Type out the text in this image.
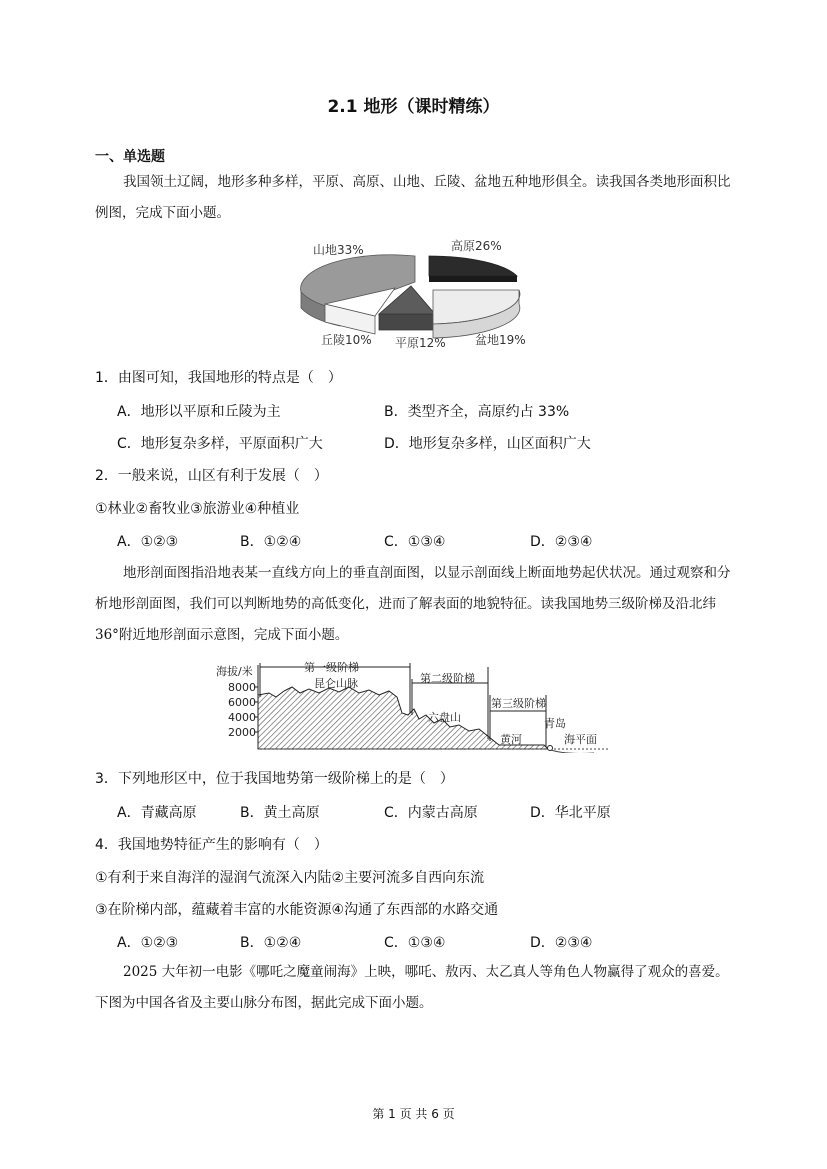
2.1 地形（课时精练）
一、单选题
我国领土辽阔，地形多种多样，平原、高原、山地、丘陵、盆地五种地形俱全。读我国各类地形面积比例图，完成下面小题。
山地33%	高原26%
丘陵10% 平原12% 盆地19%
1．由图可知，我国地形的特点是（　）
A．地形以平原和丘陵为主	B．类型齐全，高原约占 33%
C．地形复杂多样，平原面积广大	D．地形复杂多样，山区面积广大
2．一般来说，山区有利于发展（　）
①林业②畜牧业③旅游业④种植业
A．①②③	B．①②④	C．①③④	D．②③④
地形剖面图指沿地表某一直线方向上的垂直剖面图，以显示剖面线上断面地势起伏状况。通过观察和分析地形剖面图，我们可以判断地势的高低变化，进而了解表面的地貌特征。读我国地势三级阶梯及沿北纬 36°附近地形剖面示意图，完成下面小题。
海拔/米
8000
6000
4000
2000
第一级阶梯
第二级阶梯
第三级阶梯
昆仑山脉
六盘山
黄河
青岛
海平面
3．下列地形区中，位于我国地势第一级阶梯上的是（　）
A．青藏高原	B．黄土高原	C．内蒙古高原	D．华北平原
4．我国地势特征产生的影响有（　）
①有利于来自海洋的湿润气流深入内陆②主要河流多自西向东流
③在阶梯内部，蕴藏着丰富的水能资源④沟通了东西部的水路交通
A．①②③	B．①②④	C．①③④	D．②③④
2025 大年初一电影《哪吒之魔童闹海》上映，哪吒、敖丙、太乙真人等角色人物赢得了观众的喜爱。下图为中国各省及主要山脉分布图，据此完成下面小题。
第 1 页 共 6 页
